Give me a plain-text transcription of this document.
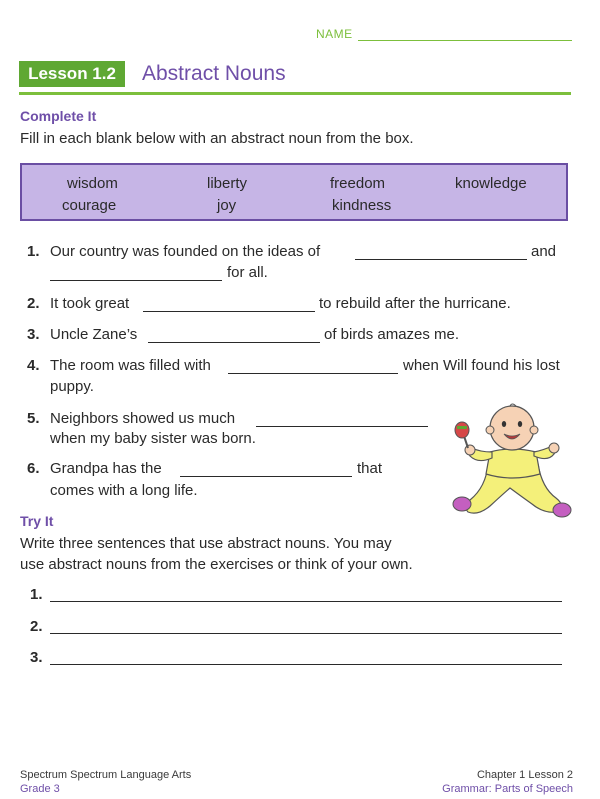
NAME
Lesson 1.2	Abstract Nouns
Complete It
Fill in each blank below with an abstract noun from the box.
wisdom	liberty	freedom	knowledge
courage	joy	kindness
1. Our country was founded on the ideas of	and
for all.
2. It took great	to rebuild after the hurricane.
3. Uncle Zane’s	of birds amazes me.
4. The room was filled with	when Will found his lost
puppy.
5. Neighbors showed us much
when my baby sister was born.
6. Grandpa has the	that
comes with a long life.
Try It
Write three sentences that use abstract nouns. You may
use abstract nouns from the exercises or think of your own.
1.
2.
3.
Spectrum Spectrum Language Arts
Grade 3
Chapter 1 Lesson 2
Grammar: Parts of Speech
